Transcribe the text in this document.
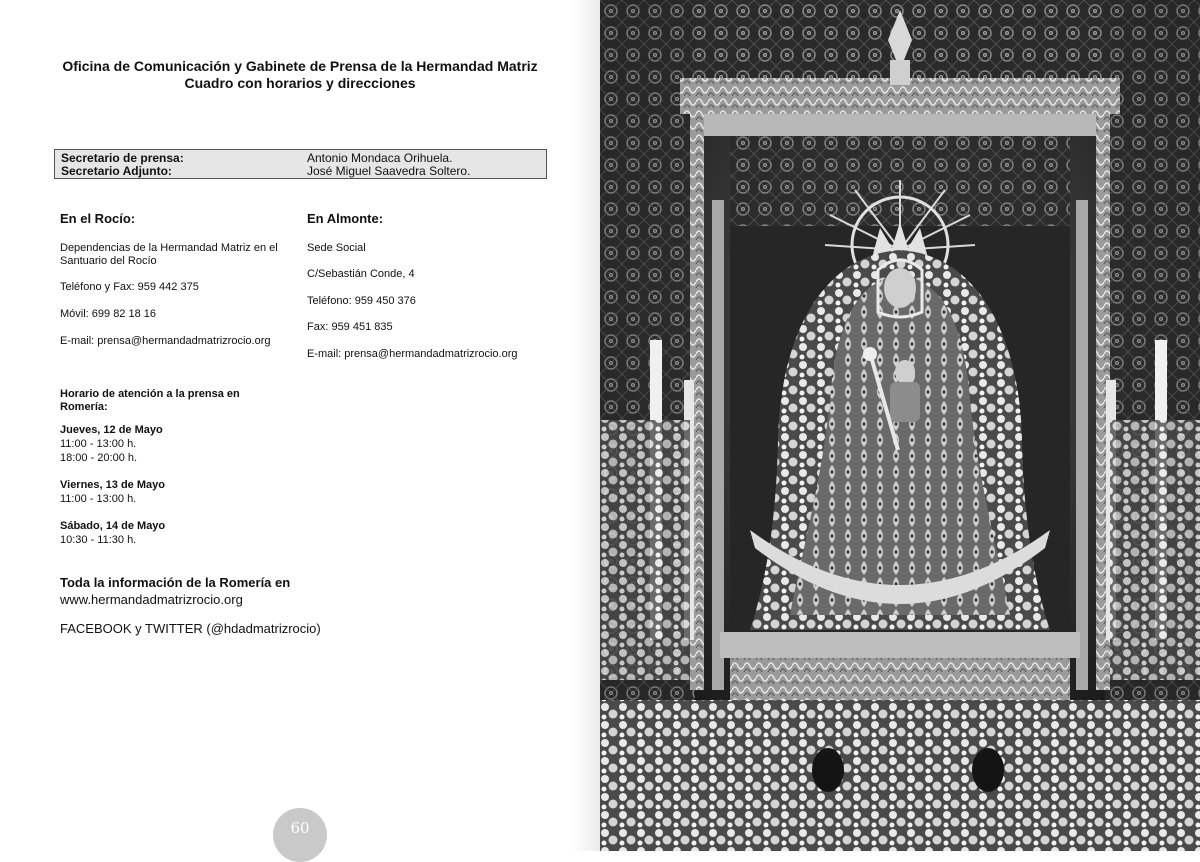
Oficina de Comunicación y Gabinete de Prensa de la Hermandad Matriz
Cuadro con horarios y direcciones
Secretario de prensa:	Antonio Mondaca Orihuela.
Secretario Adjunto:	José Miguel Saavedra Soltero.
En el Rocío:
Dependencias de la Hermandad Matriz en el
Santuario del Rocío
Teléfono y Fax: 959 442 375
Móvil: 699 82 18 16
E-mail: prensa@hermandadmatrizrocio.org
En Almonte:
Sede Social
C/Sebastián Conde, 4
Teléfono: 959 450 376
Fax: 959 451 835
E-mail: prensa@hermandadmatrizrocio.org
Horario de atención a la prensa en
Romería:
Jueves, 12 de Mayo
11:00 - 13:00 h.
18:00 - 20:00 h.
Viernes, 13 de Mayo
11:00 - 13:00 h.
Sábado, 14 de Mayo
10:30 - 11:30 h.
Toda la información de la Romería en
www.hermandadmatrizrocio.org
FACEBOOK y TWITTER (@hdadmatrizrocio)
60
